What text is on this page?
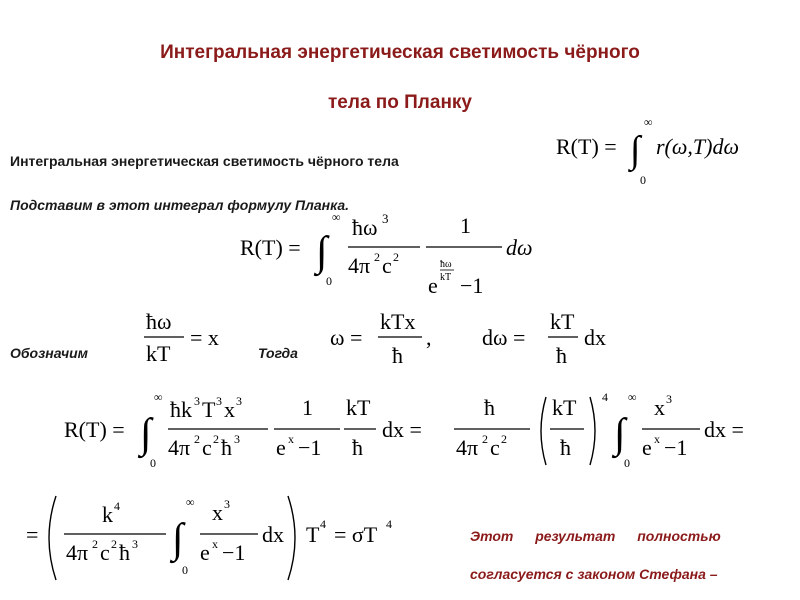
Интегральная энергетическая светимость чёрного
тела по Планку
Интегральная энергетическая светимость чёрного тела
Подставим в этот интеграл формулу Планка.
Обозначим	Тогда
Этот результат полностью
согласуется с законом Стефана –
R(T) = ∫
∞
0
r(ω,T)dω
R(T) = ∫
∞
0
ħω 3
4π 2 c 2
1
e
ħω
kT −1
dω
ħω
kT
= x	ω =
kTx
ħ
, dω =
kT
ħ
dx
R(T) = ∫
∞
0
ħk 3 T 3 x 3
4π 2 c 2 ħ 3
1
e x −1
kT
ħ
dx =
ħ
4π 2 c 2
kT
ħ
4
∫
∞
0
x 3
e x −1
dx =
=
k 4
4π 2 c 2 ħ 3 ∫
∞
0
x 3
e x −1
dx T 4 = σT 4
